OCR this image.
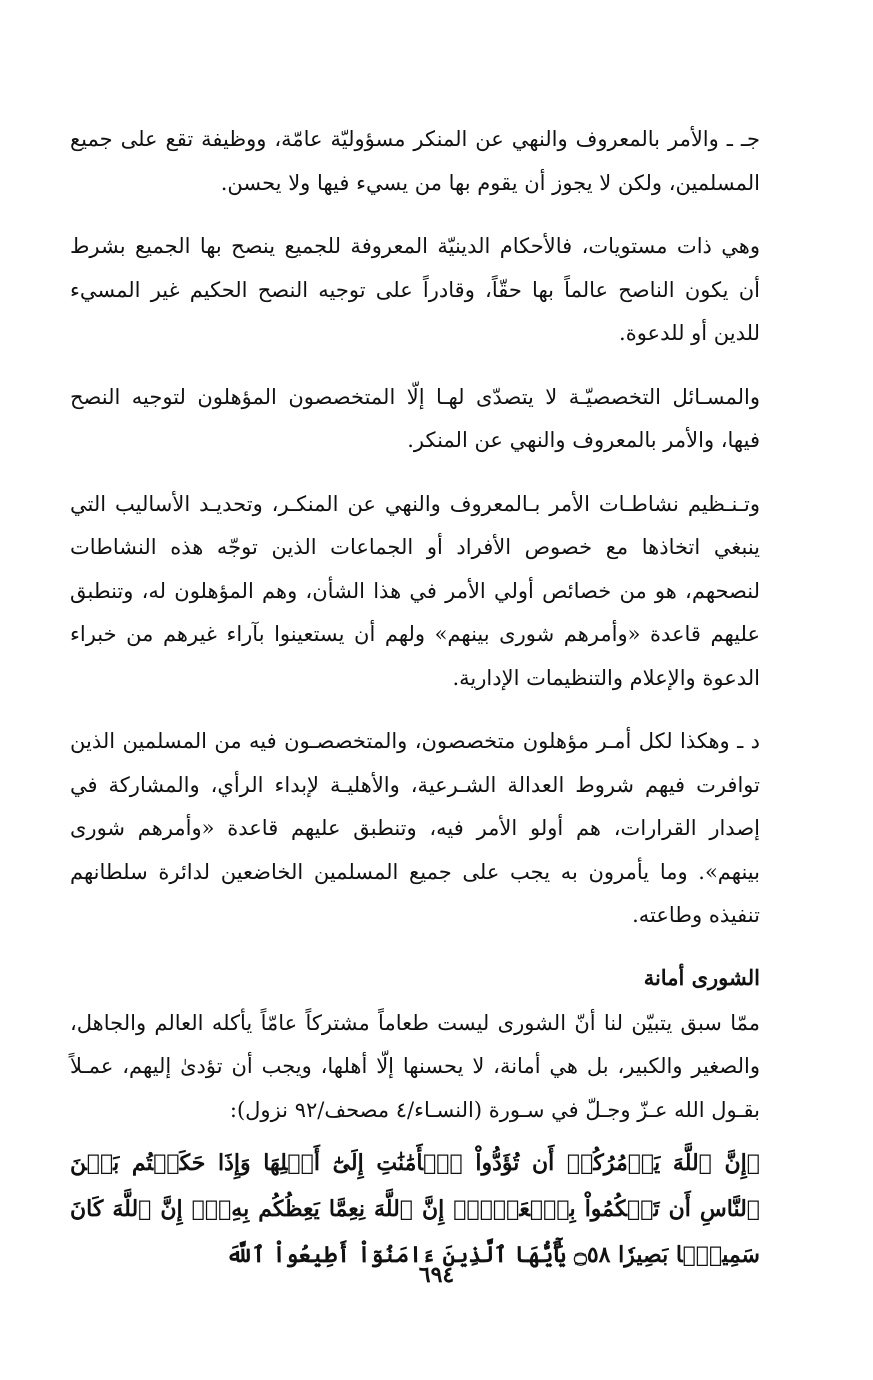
جـ ـ والأمر بالمعروف والنهي عن المنكر مسؤوليّة عامّة، ووظيفة تقع على جميع المسلمين، ولكن لا يجوز أن يقوم بها من يسيء فيها ولا يحسن.

وهي ذات مستويات، فالأحكام الدينيّة المعروفة للجميع ينصح بها الجميع بشرط أن يكون الناصح عالماً بها حقّاً، وقادراً على توجيه النصح الحكيم غير المسيء للدين أو للدعوة.

والمسـائل التخصصيّـة لا يتصدّى لهـا إلّا المتخصصون المؤهلون لتوجيه النصح فيها، والأمر بالمعروف والنهي عن المنكر.

وتـنـظيم نشاطـات الأمر بـالمعروف والنهي عن المنكـر، وتحديـد الأساليب التي ينبغي اتخاذها مع خصوص الأفراد أو الجماعات الذين توجّه هذه النشاطات لنصحهم، هو من خصائص أولي الأمر في هذا الشأن، وهم المؤهلون له، وتنطبق عليهم قاعدة «وأمرهم شورى بينهم» ولهم أن يستعينوا بآراء غيرهم من خبراء الدعوة والإعلام والتنظيمات الإدارية.

د ـ وهكذا لكل أمـر مؤهلون متخصصون، والمتخصصـون فيه من المسلمين الذين توافرت فيهم شروط العدالة الشـرعية، والأهليـة لإبداء الرأي، والمشاركة في إصدار القرارات، هم أولو الأمر فيه، وتنطبق عليهم قاعدة «وأمرهم شورى بينهم». وما يأمرون به يجب على جميع المسلمين الخاضعين لدائرة سلطانهم تنفيذه وطاعته.

الشورى أمانة

ممّا سبق يتبيّن لنا أنّ الشورى ليست طعاماً مشتركاً عامّاً يأكله العالم والجاهل، والصغير والكبير، بل هي أمانة، لا يحسنها إلّا أهلها، ويجب أن تؤدىٰ إليهم، عمـلاً بقـول الله عـزّ وجـلّ في سـورة (النسـاء/٤ مصحف/٩٢ نزول):

﴿إِنَّ ٱللَّهَ يَأۡمُرُكُمۡ أَن تُؤَدُّواْ ٱلۡأَمَٰنَٰتِ إِلَىٰٓ أَهۡلِهَا وَإِذَا حَكَمۡتُم بَيۡنَ ٱلنَّاسِ أَن تَحۡكُمُواْ بِٱلۡعَدۡلِۚ إِنَّ ٱللَّهَ نِعِمَّا يَعِظُكُم بِهِۦٓۗ إِنَّ ٱللَّهَ كَانَ سَمِيعَۢا بَصِيرٗا ۝٥٨ يَٰٓأَيُّهَا ٱلَّذِينَ ءَامَنُوٓاْ أَطِيعُواْ ٱللَّهَ

٦٩٤
